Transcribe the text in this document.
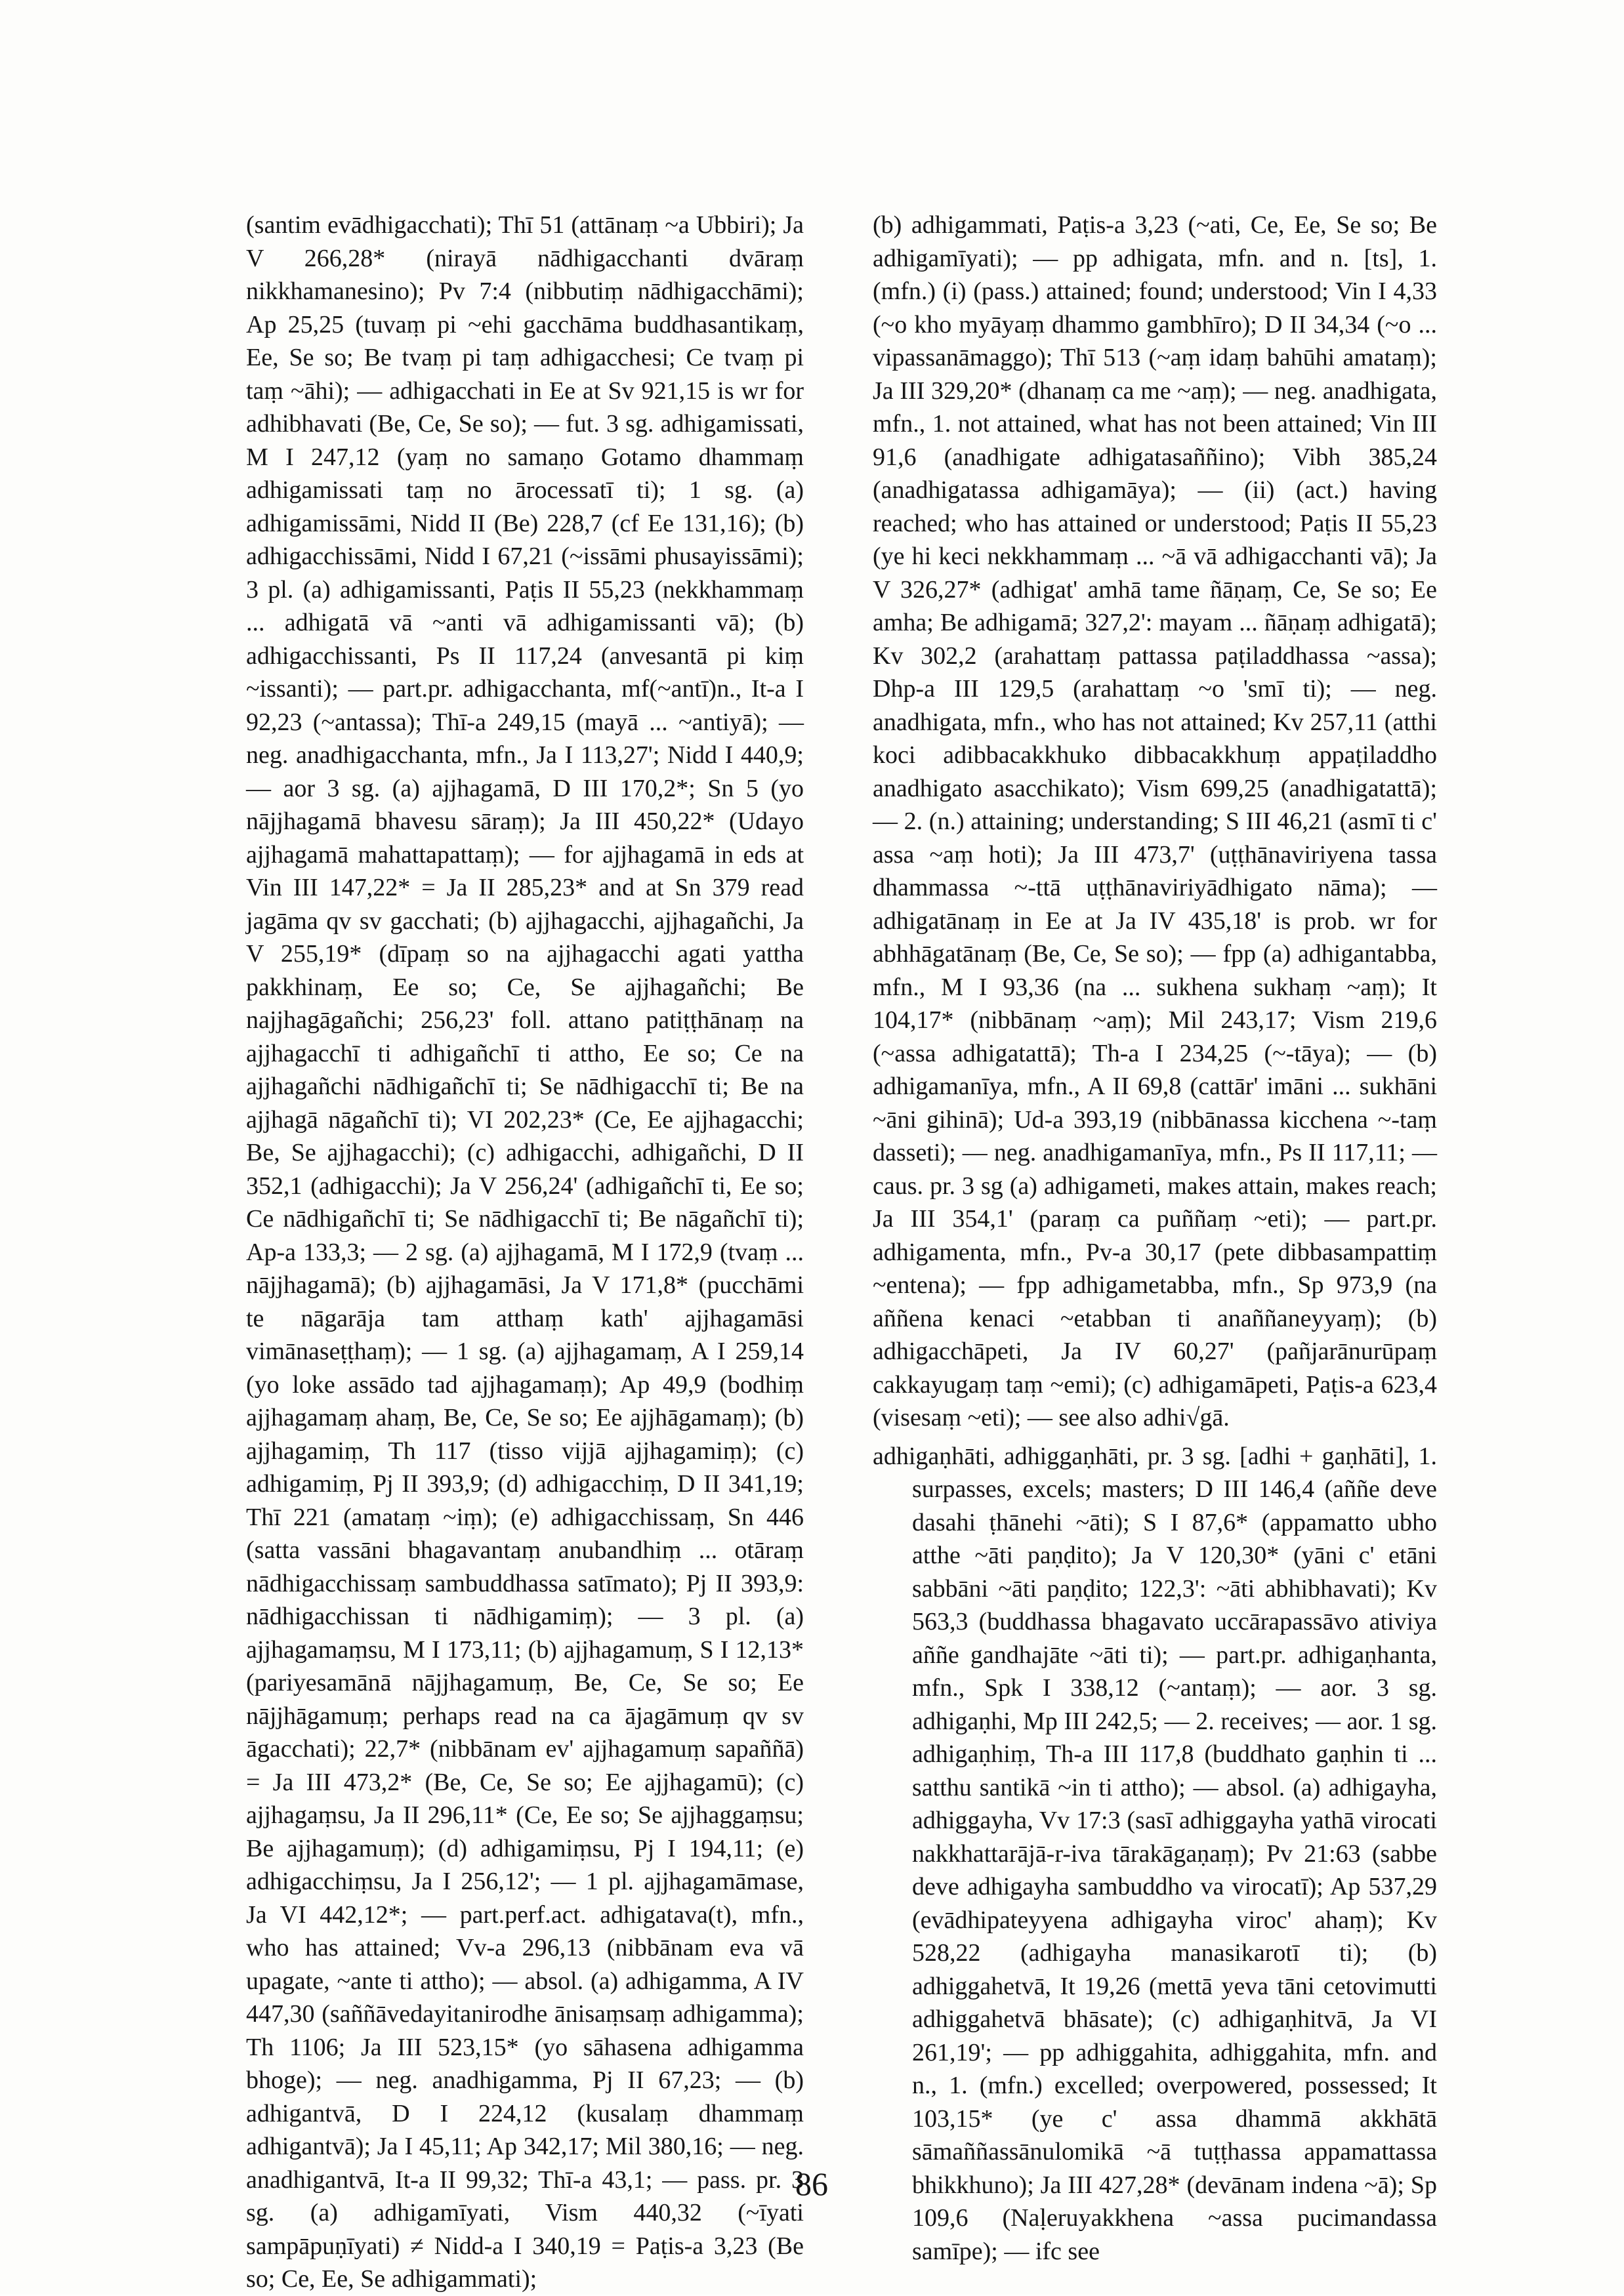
(santim evādhigacchati); Thī 51 (attānaṃ ~a Ubbiri); Ja V 266,28* (nirayā nādhigacchanti dvāraṃ nikkhamanesino); Pv 7:4 (nibbutiṃ nādhigacchāmi); Ap 25,25 (tuvaṃ pi ~ehi gacchāma buddhasantikaṃ, Ee, Se so; Be tvaṃ pi taṃ adhigacchesi; Ce tvaṃ pi taṃ ~āhi); — adhigacchati in Ee at Sv 921,15 is wr for adhibhavati (Be, Ce, Se so); — fut. 3 sg. adhigamissati, M I 247,12 (yaṃ no samaṇo Gotamo dhammaṃ adhigamissati taṃ no ārocessatī ti); 1 sg. (a) adhigamissāmi, Nidd II (Be) 228,7 (cf Ee 131,16); (b) adhigacchissāmi, Nidd I 67,21 (~issāmi phusayissāmi); 3 pl. (a) adhigamissanti, Paṭis II 55,23 (nekkhammaṃ ... adhigatā vā ~anti vā adhigamissanti vā); (b) adhigacchissanti, Ps II 117,24 (anvesantā pi kiṃ ~issanti); — part.pr. adhigacchanta, mf(~antī)n., It-a I 92,23 (~antassa); Thī-a 249,15 (mayā ... ~antiyā); — neg. anadhigacchanta, mfn., Ja I 113,27'; Nidd I 440,9; — aor 3 sg. (a) ajjhagamā, D III 170,2*; Sn 5 (yo nājjhagamā bhavesu sāraṃ); Ja III 450,22* (Udayo ajjhagamā mahattapattaṃ); — for ajjhagamā in eds at Vin III 147,22* = Ja II 285,23* and at Sn 379 read jagāma qv sv gacchati; (b) ajjhagacchi, ajjhagañchi, Ja V 255,19* (dīpaṃ so na ajjhagacchi agati yattha pakkhinaṃ, Ee so; Ce, Se ajjhagañchi; Be najjhagāgañchi; 256,23' foll. attano patiṭṭhānaṃ na ajjhagacchī ti adhigañchī ti attho, Ee so; Ce na ajjhagañchi nādhigañchī ti; Se nādhigacchī ti; Be na ajjhagā nāgañchī ti); VI 202,23* (Ce, Ee ajjhagacchi; Be, Se ajjhagacchi); (c) adhigacchi, adhigañchi, D II 352,1 (adhigacchi); Ja V 256,24' (adhigañchī ti, Ee so; Ce nādhigañchī ti; Se nādhigacchī ti; Be nāgañchī ti); Ap-a 133,3; — 2 sg. (a) ajjhagamā, M I 172,9 (tvaṃ ... nājjhagamā); (b) ajjhagamāsi, Ja V 171,8* (pucchāmi te nāgarāja tam atthaṃ kath' ajjhagamāsi vimānaseṭṭhaṃ); — 1 sg. (a) ajjhagamaṃ, A I 259,14 (yo loke assādo tad ajjhagamaṃ); Ap 49,9 (bodhiṃ ajjhagamaṃ ahaṃ, Be, Ce, Se so; Ee ajjhāgamaṃ); (b) ajjhagamiṃ, Th 117 (tisso vijjā ajjhagamiṃ); (c) adhigamiṃ, Pj II 393,9; (d) adhigacchiṃ, D II 341,19; Thī 221 (amataṃ ~iṃ); (e) adhigacchissaṃ, Sn 446 (satta vassāni bhagavantaṃ anubandhiṃ ... otāraṃ nādhigacchissaṃ sambuddhassa satīmato); Pj II 393,9: nādhigacchissan ti nādhigamiṃ); — 3 pl. (a) ajjhagamaṃsu, M I 173,11; (b) ajjhagamuṃ, S I 12,13* (pariyesamānā nājjhagamuṃ, Be, Ce, Se so; Ee nājjhāgamuṃ; perhaps read na ca ājagāmuṃ qv sv āgacchati); 22,7* (nibbānam ev' ajjhagamuṃ sapaññā) = Ja III 473,2* (Be, Ce, Se so; Ee ajjhagamū); (c) ajjhagaṃsu, Ja II 296,11* (Ce, Ee so; Se ajjhaggaṃsu; Be ajjhagamuṃ); (d) adhigamiṃsu, Pj I 194,11; (e) adhigacchiṃsu, Ja I 256,12'; — 1 pl. ajjhagamāmase, Ja VI 442,12*; — part.perf.act. adhigatava(t), mfn., who has attained; Vv-a 296,13 (nibbānam eva vā upagate, ~ante ti attho); — absol. (a) adhigamma, A IV 447,30 (saññāvedayitanirodhe ānisaṃsaṃ adhigamma); Th 1106; Ja III 523,15* (yo sāhasena adhigamma bhoge); — neg. anadhigamma, Pj II 67,23; — (b) adhigantvā, D I 224,12 (kusalaṃ dhammaṃ adhigantvā); Ja I 45,11; Ap 342,17; Mil 380,16; — neg. anadhigantvā, It-a II 99,32; Thī-a 43,1; — pass. pr. 3 sg. (a) adhigamīyati, Vism 440,32 (~īyati sampāpuṇīyati) ≠ Nidd-a I 340,19 = Paṭis-a 3,23 (Be so; Ce, Ee, Se adhigammati);

(b) adhigammati, Paṭis-a 3,23 (~ati, Ce, Ee, Se so; Be adhigamīyati); — pp adhigata, mfn. and n. [ts], 1. (mfn.) (i) (pass.) attained; found; understood; Vin I 4,33 (~o kho myāyaṃ dhammo gambhīro); D II 34,34 (~o ... vipassanāmaggo); Thī 513 (~aṃ idaṃ bahūhi amataṃ); Ja III 329,20* (dhanaṃ ca me ~aṃ); — neg. anadhigata, mfn., 1. not attained, what has not been attained; Vin III 91,6 (anadhigate adhigatasaññino); Vibh 385,24 (anadhigatassa adhigamāya); — (ii) (act.) having reached; who has attained or understood; Paṭis II 55,23 (ye hi keci nekkhammaṃ ... ~ā vā adhigacchanti vā); Ja V 326,27* (adhigat' amhā tame ñāṇaṃ, Ce, Se so; Ee amha; Be adhigamā; 327,2': mayam ... ñāṇaṃ adhigatā); Kv 302,2 (arahattaṃ pattassa paṭiladdhassa ~assa); Dhp-a III 129,5 (arahattaṃ ~o 'smī ti); — neg. anadhigata, mfn., who has not attained; Kv 257,11 (atthi koci adibbacakkhuko dibbacakkhuṃ appaṭiladdho anadhigato asacchikato); Vism 699,25 (anadhigatattā); — 2. (n.) attaining; understanding; S III 46,21 (asmī ti c' assa ~aṃ hoti); Ja III 473,7' (uṭṭhānaviriyena tassa dhammassa ~-ttā uṭṭhānaviriyādhigato nāma); — adhigatānaṃ in Ee at Ja IV 435,18' is prob. wr for abhhāgatānaṃ (Be, Ce, Se so); — fpp (a) adhigantabba, mfn., M I 93,36 (na ... sukhena sukhaṃ ~aṃ); It 104,17* (nibbānaṃ ~aṃ); Mil 243,17; Vism 219,6 (~assa adhigatattā); Th-a I 234,25 (~-tāya); — (b) adhigamanīya, mfn., A II 69,8 (cattār' imāni ... sukhāni ~āni gihinā); Ud-a 393,19 (nibbānassa kicchena ~-taṃ dasseti); — neg. anadhigamanīya, mfn., Ps II 117,11; — caus. pr. 3 sg (a) adhigameti, makes attain, makes reach; Ja III 354,1' (paraṃ ca puññaṃ ~eti); — part.pr. adhigamenta, mfn., Pv-a 30,17 (pete dibbasampattiṃ ~entena); — fpp adhigametabba, mfn., Sp 973,9 (na aññena kenaci ~etabban ti anaññaneyyaṃ); (b) adhigacchāpeti, Ja IV 60,27' (pañjarānurūpaṃ cakkayugaṃ taṃ ~emi); (c) adhigamāpeti, Paṭis-a 623,4 (visesaṃ ~eti); — see also adhi√gā.

adhigaṇhāti, adhiggaṇhāti, pr. 3 sg. [adhi + gaṇhāti], 1. surpasses, excels; masters; D III 146,4 (aññe deve dasahi ṭhānehi ~āti); S I 87,6* (appamatto ubho atthe ~āti paṇḍito); Ja V 120,30* (yāni c' etāni sabbāni ~āti paṇḍito; 122,3': ~āti abhibhavati); Kv 563,3 (buddhassa bhagavato uccārapassāvo ativiya aññe gandhajāte ~āti ti); — part.pr. adhigaṇhanta, mfn., Spk I 338,12 (~antaṃ); — aor. 3 sg. adhigaṇhi, Mp III 242,5; — 2. receives; — aor. 1 sg. adhigaṇhiṃ, Th-a III 117,8 (buddhato gaṇhin ti ... satthu santikā ~in ti attho); — absol. (a) adhigayha, adhiggayha, Vv 17:3 (sasī adhiggayha yathā virocati nakkhattarājā-r-iva tārakāgaṇaṃ); Pv 21:63 (sabbe deve adhigayha sambuddho va virocatī); Ap 537,29 (evādhipateyyena adhigayha viroc' ahaṃ); Kv 528,22 (adhigayha manasikarotī ti); (b) adhiggahetvā, It 19,26 (mettā yeva tāni cetovimutti adhiggahetvā bhāsate); (c) adhigaṇhitvā, Ja VI 261,19'; — pp adhiggahita, adhiggahita, mfn. and n., 1. (mfn.) excelled; overpowered, possessed; It 103,15* (ye c' assa dhammā akkhātā sāmaññassānulomikā ~ā tuṭṭhassa appamattassa bhikkhuno); Ja III 427,28* (devānam indena ~ā); Sp 109,6 (Naḷeruyakkhena ~assa pucimandassa samīpe); — ifc see

86
